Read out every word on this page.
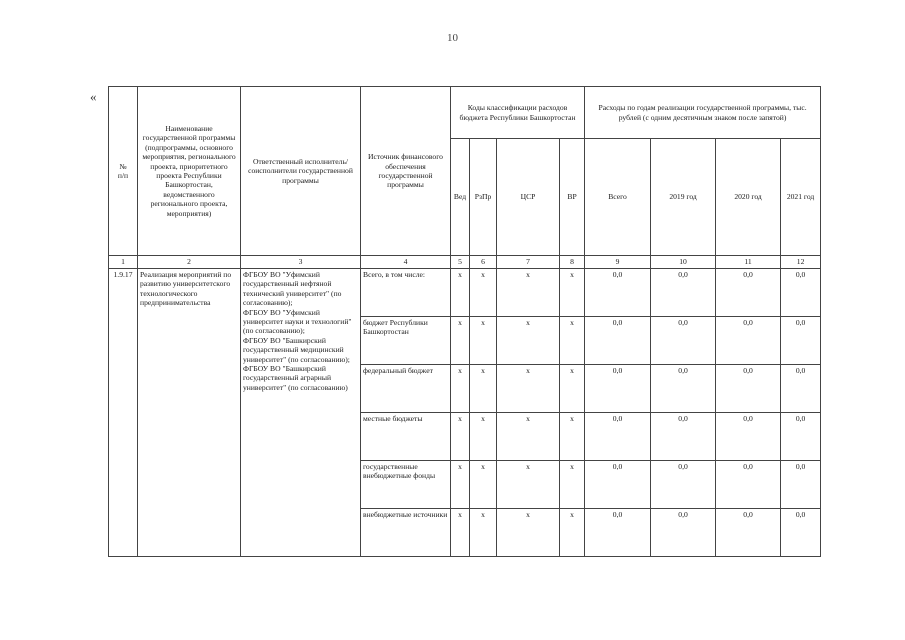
10
«
№
п/п	Наименование государственной программы (подпрограммы, основного мероприятия, регионального проекта, приоритетного проекта Республики Башкортостан, ведомственного регионального проекта, мероприятия)	Ответственный исполнитель/соисполнители государственной программы	Источник финансового обеспечения государственной программы	Коды классификации расходов бюджета Республики Башкортостан				Расходы по годам реализации государственной программы, тыс. рублей (с одним десятичным знаком после запятой)			
				Вед	РзПр	ЦСР	ВР	Всего	2019 год	2020 год	2021 год
1	2	3	4	5	6	7	8	9	10	11	12
1.9.17	Реализация мероприятий по развитию университетского технологического предпринимательства	ФГБОУ ВО "Уфимский государственный нефтяной технический университет" (по согласованию);

ФГБОУ ВО "Уфимский университет науки и технологий" (по согласованию);

ФГБОУ ВО "Башкирский государственный медицинский университет" (по согласованию);

ФГБОУ ВО "Башкирский государственный аграрный университет" (по согласованию)	Всего, в том числе:	x	x	x	x	0,0	0,0	0,0	0,0
			бюджет Республики Башкортостан	x	x	x	x	0,0	0,0	0,0	0,0
			федеральный бюджет	x	x	x	x	0,0	0,0	0,0	0,0
			местные бюджеты	x	x	x	x	0,0	0,0	0,0	0,0
			государственные внебюджетные фонды	x	x	x	x	0,0	0,0	0,0	0,0
			внебюджетные источники	x	x	x	x	0,0	0,0	0,0	0,0
